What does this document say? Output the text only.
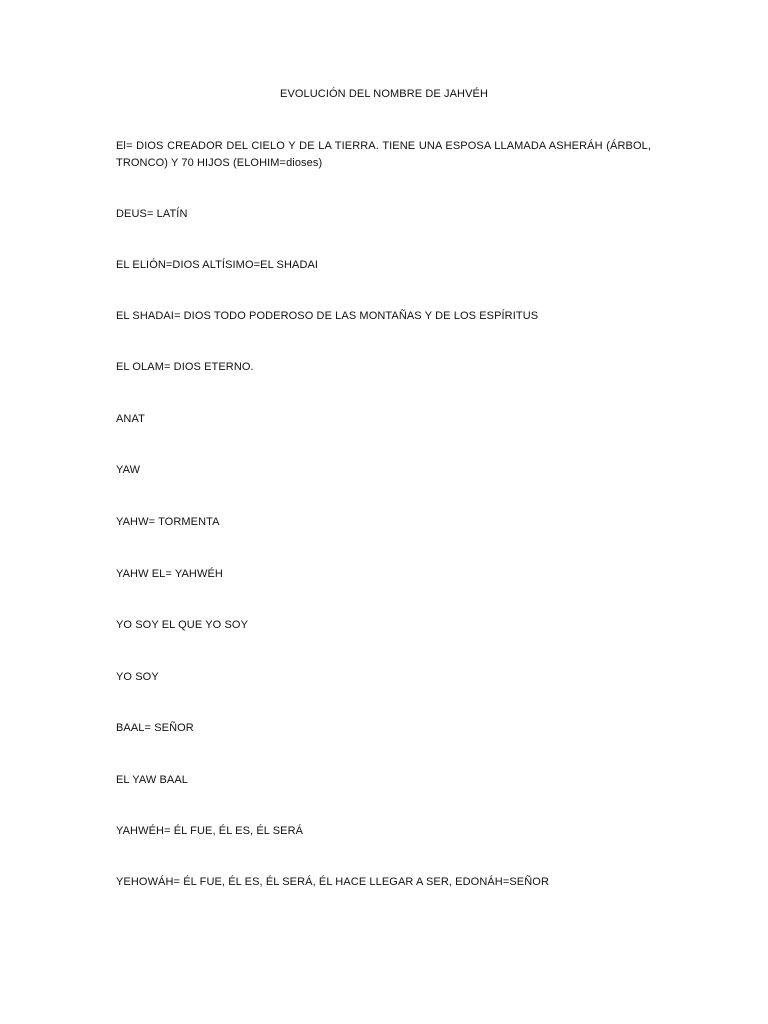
EVOLUCIÓN DEL NOMBRE DE JAHVÉH
El= DIOS CREADOR DEL CIELO Y DE LA TIERRA. TIENE UNA ESPOSA LLAMADA ASHERÁH (ÁRBOL, TRONCO) Y 70 HIJOS (ELOHIM=dioses)
DEUS= LATÍN
EL ELIÓN=DIOS ALTÍSIMO=EL SHADAI
EL SHADAI= DIOS TODO PODEROSO DE LAS MONTAÑAS Y DE LOS ESPÍRITUS
EL OLAM= DIOS ETERNO.
ANAT
YAW
YAHW= TORMENTA
YAHW EL= YAHWÉH
YO SOY EL QUE YO SOY
YO SOY
BAAL= SEÑOR
EL YAW BAAL
YAHWÉH= ÉL FUE, ÉL ES, ÉL SERÁ
YEHOWÁH= ÉL FUE, ÉL ES, ÉL SERÁ, ÉL HACE LLEGAR A SER, EDONÁH=SEÑOR
